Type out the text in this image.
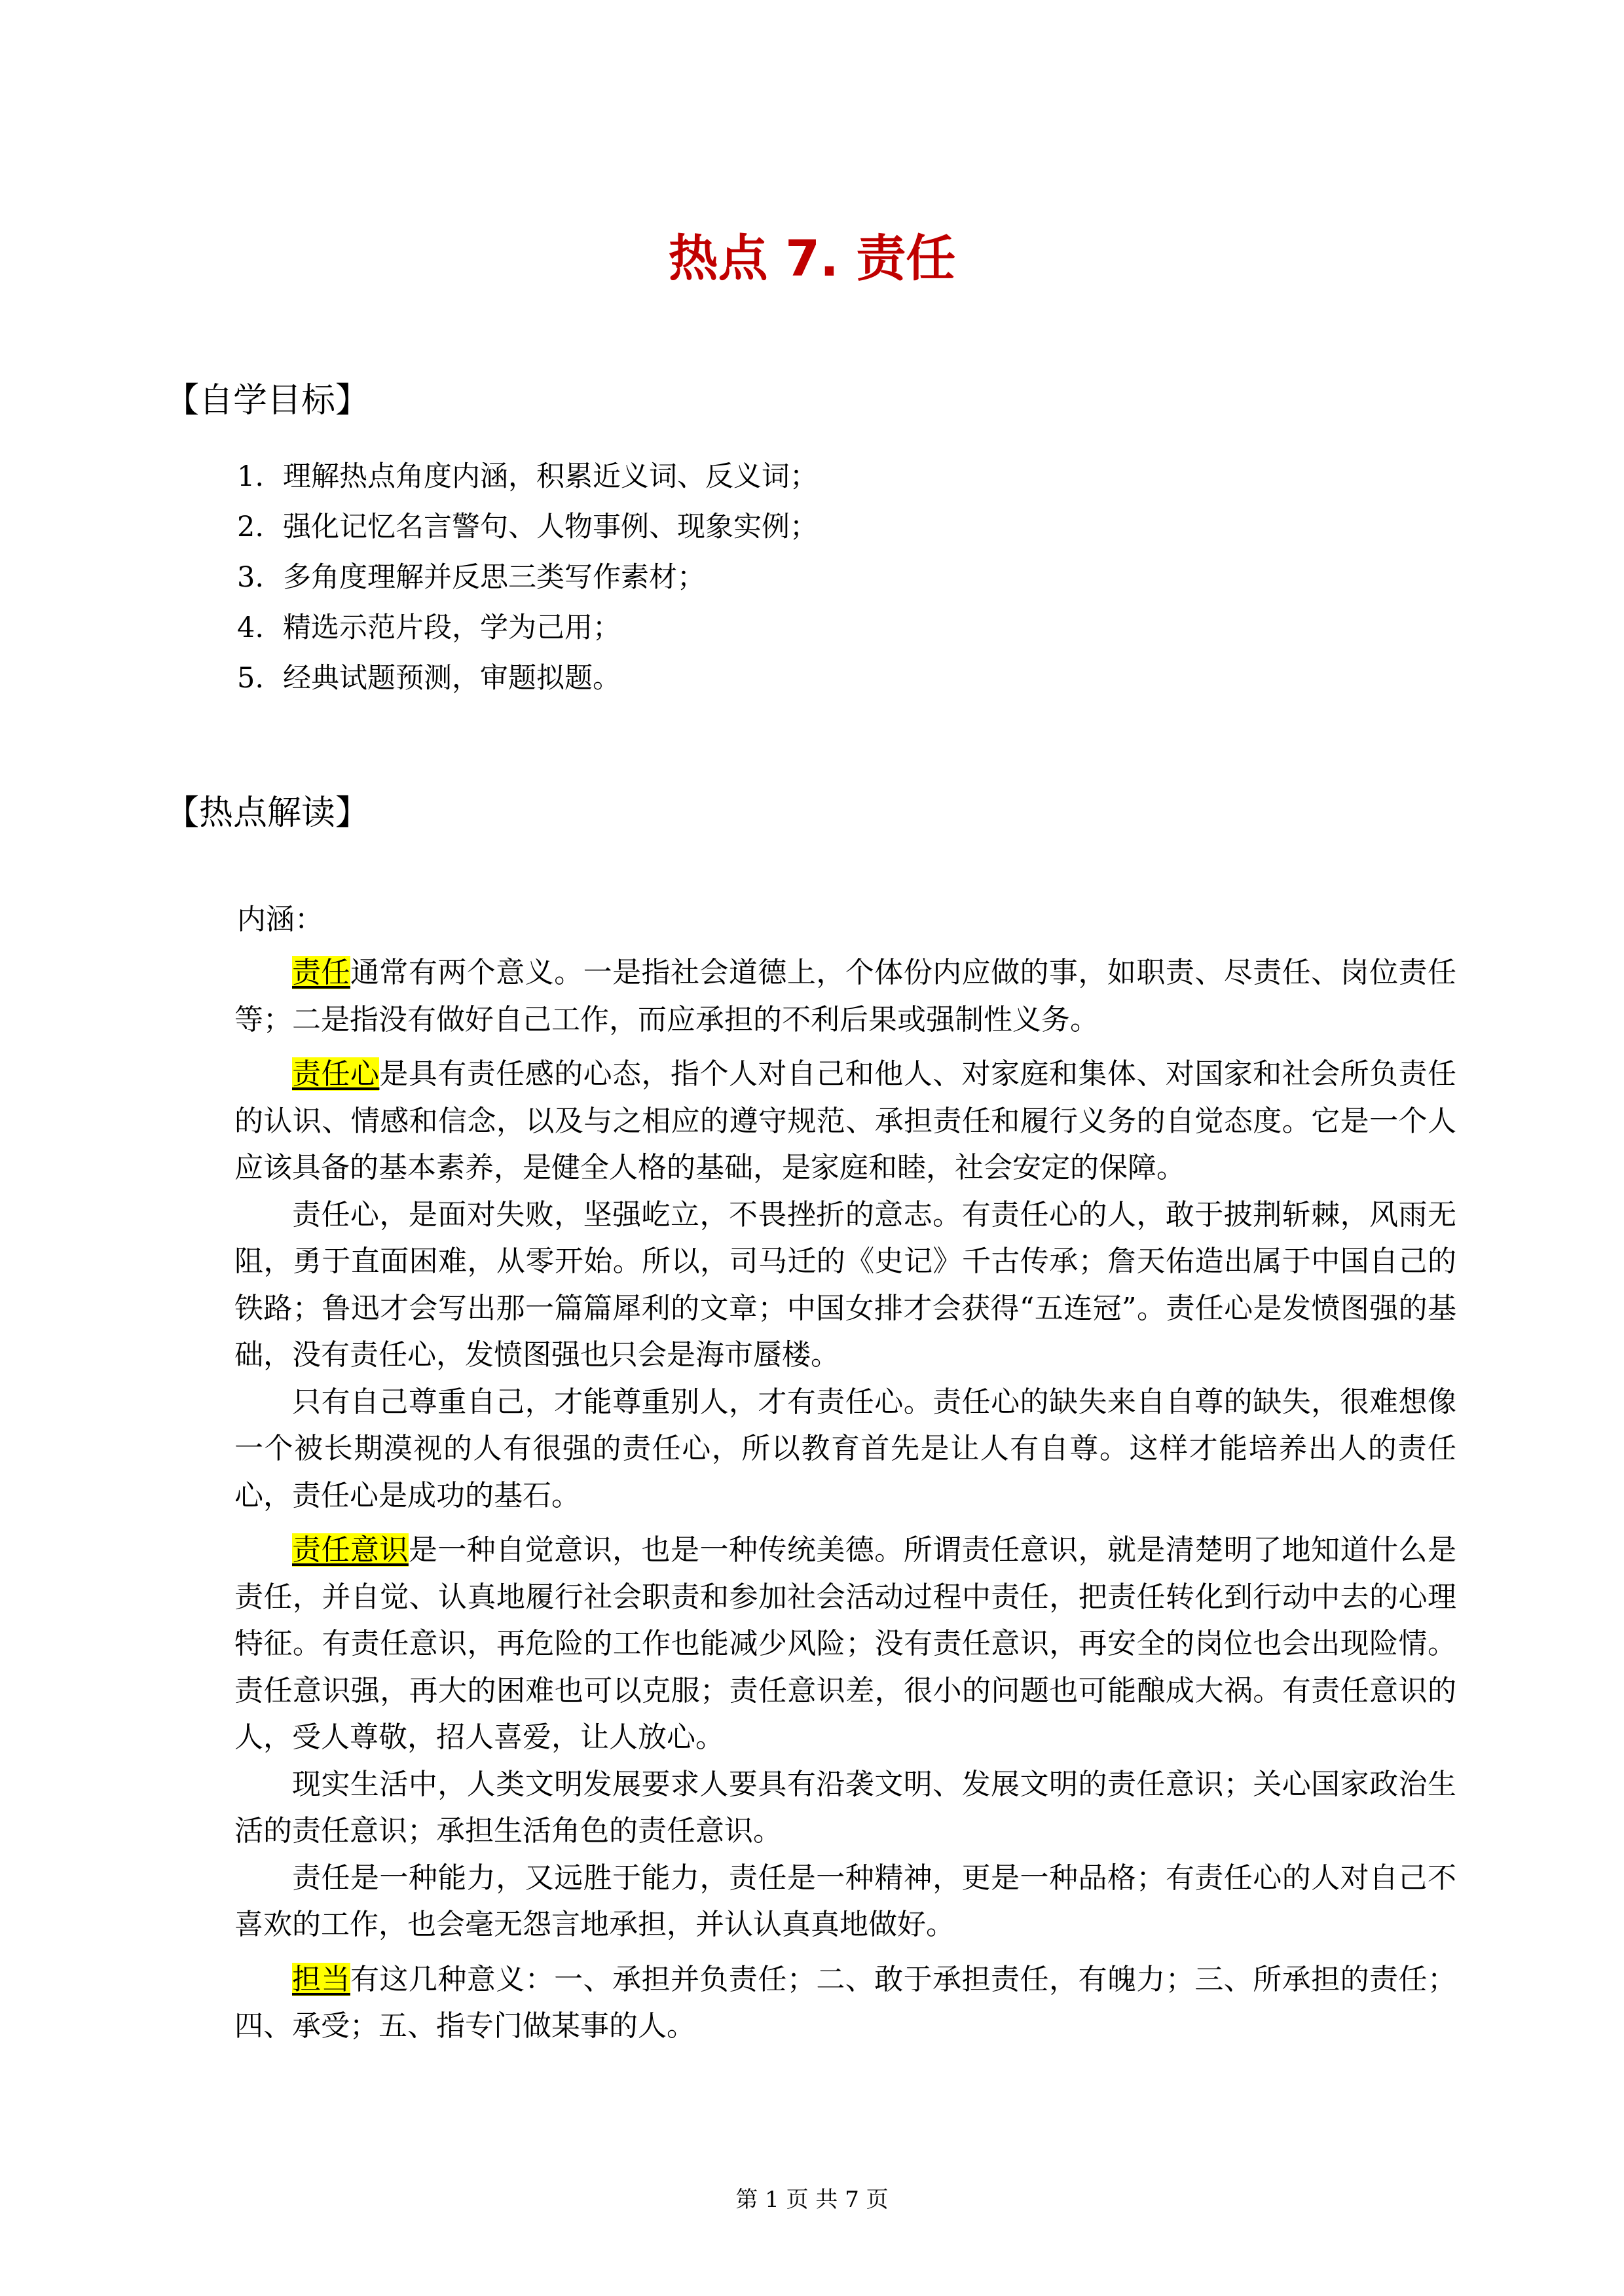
热点 7. 责任
【自学目标】
1. 理解热点角度内涵，积累近义词、反义词；
2. 强化记忆名言警句、人物事例、现象实例；
3. 多角度理解并反思三类写作素材；
4. 精选示范片段，学为己用；
5. 经典试题预测，审题拟题。
【热点解读】
内涵：

责任通常有两个意义。一是指社会道德上，个体份内应做的事，如职责、尽责任、岗位责任等；二是指没有做好自己工作，而应承担的不利后果或强制性义务。

责任心是具有责任感的心态，指个人对自己和他人、对家庭和集体、对国家和社会所负责任的认识、情感和信念，以及与之相应的遵守规范、承担责任和履行义务的自觉态度。它是一个人应该具备的基本素养，是健全人格的基础，是家庭和睦，社会安定的保障。

责任心，是面对失败，坚强屹立，不畏挫折的意志。有责任心的人，敢于披荆斩棘，风雨无阻，勇于直面困难，从零开始。所以，司马迁的《史记》千古传承；詹天佑造出属于中国自己的铁路；鲁迅才会写出那一篇篇犀利的文章；中国女排才会获得“五连冠”。责任心是发愤图强的基础，没有责任心，发愤图强也只会是海市蜃楼。

只有自己尊重自己，才能尊重别人，才有责任心。责任心的缺失来自自尊的缺失，很难想像一个被长期漠视的人有很强的责任心，所以教育首先是让人有自尊。这样才能培养出人的责任心，责任心是成功的基石。

责任意识是一种自觉意识，也是一种传统美德。所谓责任意识，就是清楚明了地知道什么是责任，并自觉、认真地履行社会职责和参加社会活动过程中责任，把责任转化到行动中去的心理特征。有责任意识，再危险的工作也能减少风险；没有责任意识，再安全的岗位也会出现险情。责任意识强，再大的困难也可以克服；责任意识差，很小的问题也可能酿成大祸。有责任意识的人，受人尊敬，招人喜爱，让人放心。

现实生活中，人类文明发展要求人要具有沿袭文明、发展文明的责任意识；关心国家政治生活的责任意识；承担生活角色的责任意识。

责任是一种能力，又远胜于能力，责任是一种精神，更是一种品格；有责任心的人对自己不喜欢的工作，也会毫无怨言地承担，并认认真真地做好。

担当有这几种意义：一、承担并负责任；二、敢于承担责任，有魄力；三、所承担的责任；四、承受；五、指专门做某事的人。

第 1 页 共 7 页
